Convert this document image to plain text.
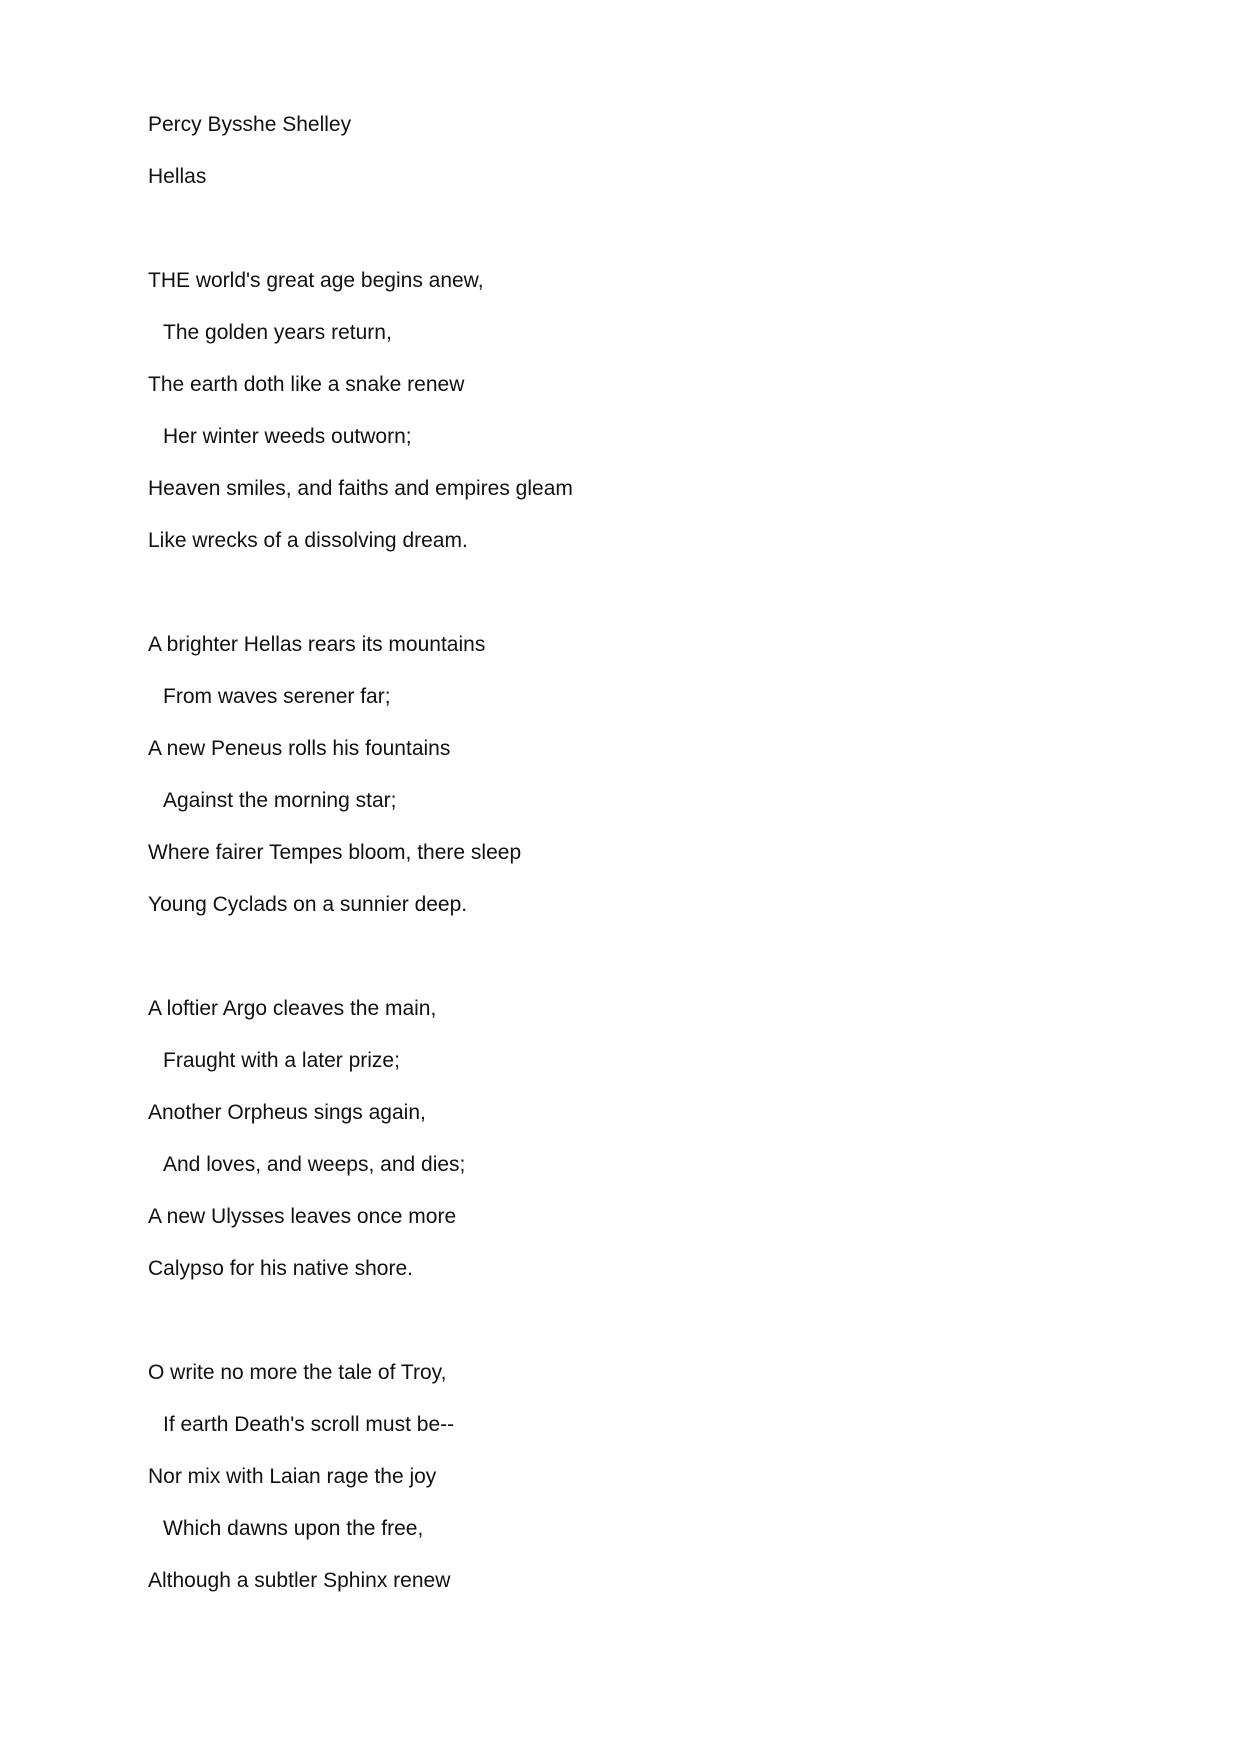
Percy Bysshe Shelley

Hellas

THE world's great age begins anew,

The golden years return,

The earth doth like a snake renew

Her winter weeds outworn;

Heaven smiles, and faiths and empires gleam

Like wrecks of a dissolving dream.

A brighter Hellas rears its mountains

From waves serener far;

A new Peneus rolls his fountains

Against the morning star;

Where fairer Tempes bloom, there sleep

Young Cyclads on a sunnier deep.

A loftier Argo cleaves the main,

Fraught with a later prize;

Another Orpheus sings again,

And loves, and weeps, and dies;

A new Ulysses leaves once more

Calypso for his native shore.

O write no more the tale of Troy,

If earth Death's scroll must be--

Nor mix with Laian rage the joy

Which dawns upon the free,

Although a subtler Sphinx renew
